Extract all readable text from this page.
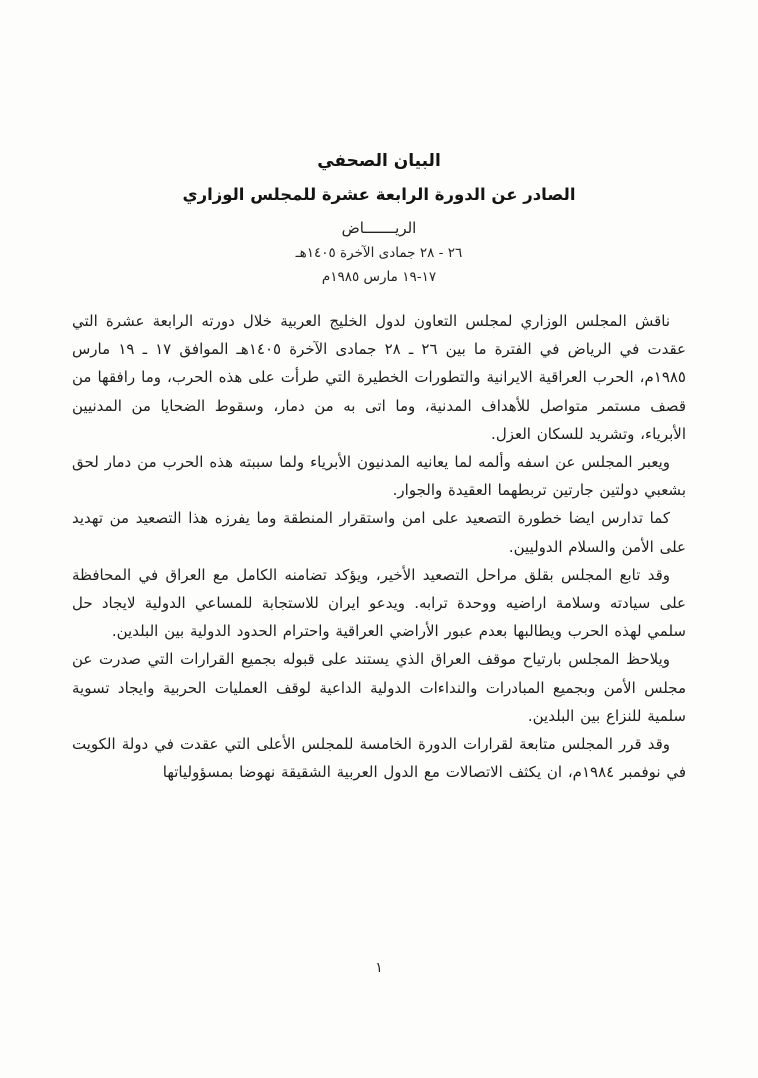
البيان الصحفي
الصادر عن الدورة الرابعة عشرة للمجلس الوزاري
الريـــــــاض
٢٦ - ٢٨ جمادى الآخرة ١٤٠٥هـ
١٧-١٩ مارس ١٩٨٥م

ناقش المجلس الوزاري لمجلس التعاون لدول الخليج العربية خلال دورته الرابعة عشرة التي عقدت في الرياض في الفترة ما بين ٢٦ ـ ٢٨ جمادى الآخرة ١٤٠٥هـ الموافق ١٧ ـ ١٩ مارس ١٩٨٥م، الحرب العراقية الايرانية والتطورات الخطيرة التي طرأت على هذه الحرب، وما رافقها من قصف مستمر متواصل للأهداف المدنية، وما اتى به من دمار، وسقوط الضحايا من المدنيين الأبرياء، وتشريد للسكان العزل.

ويعبر المجلس عن اسفه وألمه لما يعانيه المدنيون الأبرياء ولما سببته هذه الحرب من دمار لحق بشعبي دولتين جارتين تربطهما العقيدة والجوار.

كما تدارس ايضا خطورة التصعيد على امن واستقرار المنطقة وما يفرزه هذا التصعيد من تهديد على الأمن والسلام الدوليين.

وقد تابع المجلس بقلق مراحل التصعيد الأخير، ويؤكد تضامنه الكامل مع العراق في المحافظة على سيادته وسلامة اراضيه ووحدة ترابه. ويدعو ايران للاستجابة للمساعي الدولية لايجاد حل سلمي لهذه الحرب ويطالبها بعدم عبور الأراضي العراقية واحترام الحدود الدولية بين البلدين.

ويلاحظ المجلس بارتياح موقف العراق الذي يستند على قبوله بجميع القرارات التي صدرت عن مجلس الأمن وبجميع المبادرات والنداءات الدولية الداعية لوقف العمليات الحربية وايجاد تسوية سلمية للنزاع بين البلدين.

وقد قرر المجلس متابعة لقرارات الدورة الخامسة للمجلس الأعلى التي عقدت في دولة الكويت في نوفمبر ١٩٨٤م، ان يكثف الاتصالات مع الدول العربية الشقيقة نهوضا بمسؤولياتها

١
